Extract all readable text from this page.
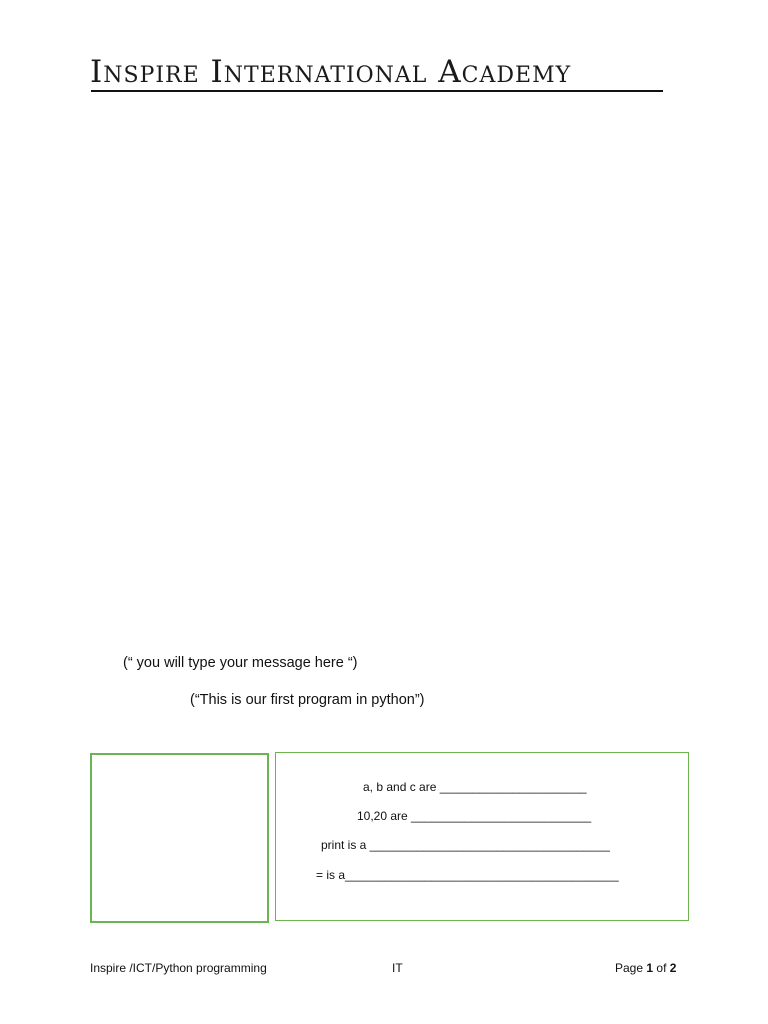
Inspire International Academy
(“ you will type your message here “)
(“This is our first program in python”)
a, b and c are ______________________
10,20 are ___________________________
print is a ____________________________________
= is a_________________________________________
Inspire /ICT/Python programming	IT	Page 1 of 2
